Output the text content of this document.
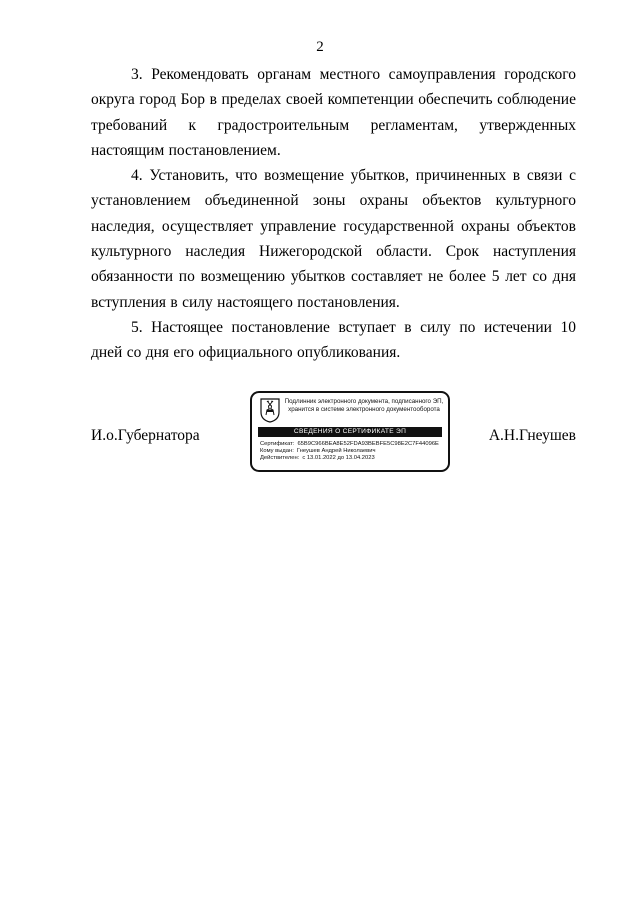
2

3. Рекомендовать органам местного самоуправления городского округа город Бор в пределах своей компетенции обеспечить соблюдение требований к градостроительным регламентам, утвержденных настоящим постановлением.

4. Установить, что возмещение убытков, причиненных в связи с установлением объединенной зоны охраны объектов культурного наследия, осуществляет управление государственной охраны объектов культурного наследия Нижегородской области. Срок наступления обязанности по возмещению убытков составляет не более 5 лет со дня вступления в силу настоящего постановления.

5. Настоящее постановление вступает в силу по истечении 10 дней со дня его официального опубликования.

И.о.Губернатора
Подлинник электронного документа, подписанного ЭП,
хранится в системе электронного документооборота
СВЕДЕНИЯ О СЕРТИФИКАТЕ ЭП
Сертификат: 65B9C966BEA8E52FDA93BEBFE5C98E2C7F44096E
Кому выдан: Гнеушев Андрей Николаевич
Действителен: с 13.01.2022 до 13.04.2023
А.Н.Гнеушев
